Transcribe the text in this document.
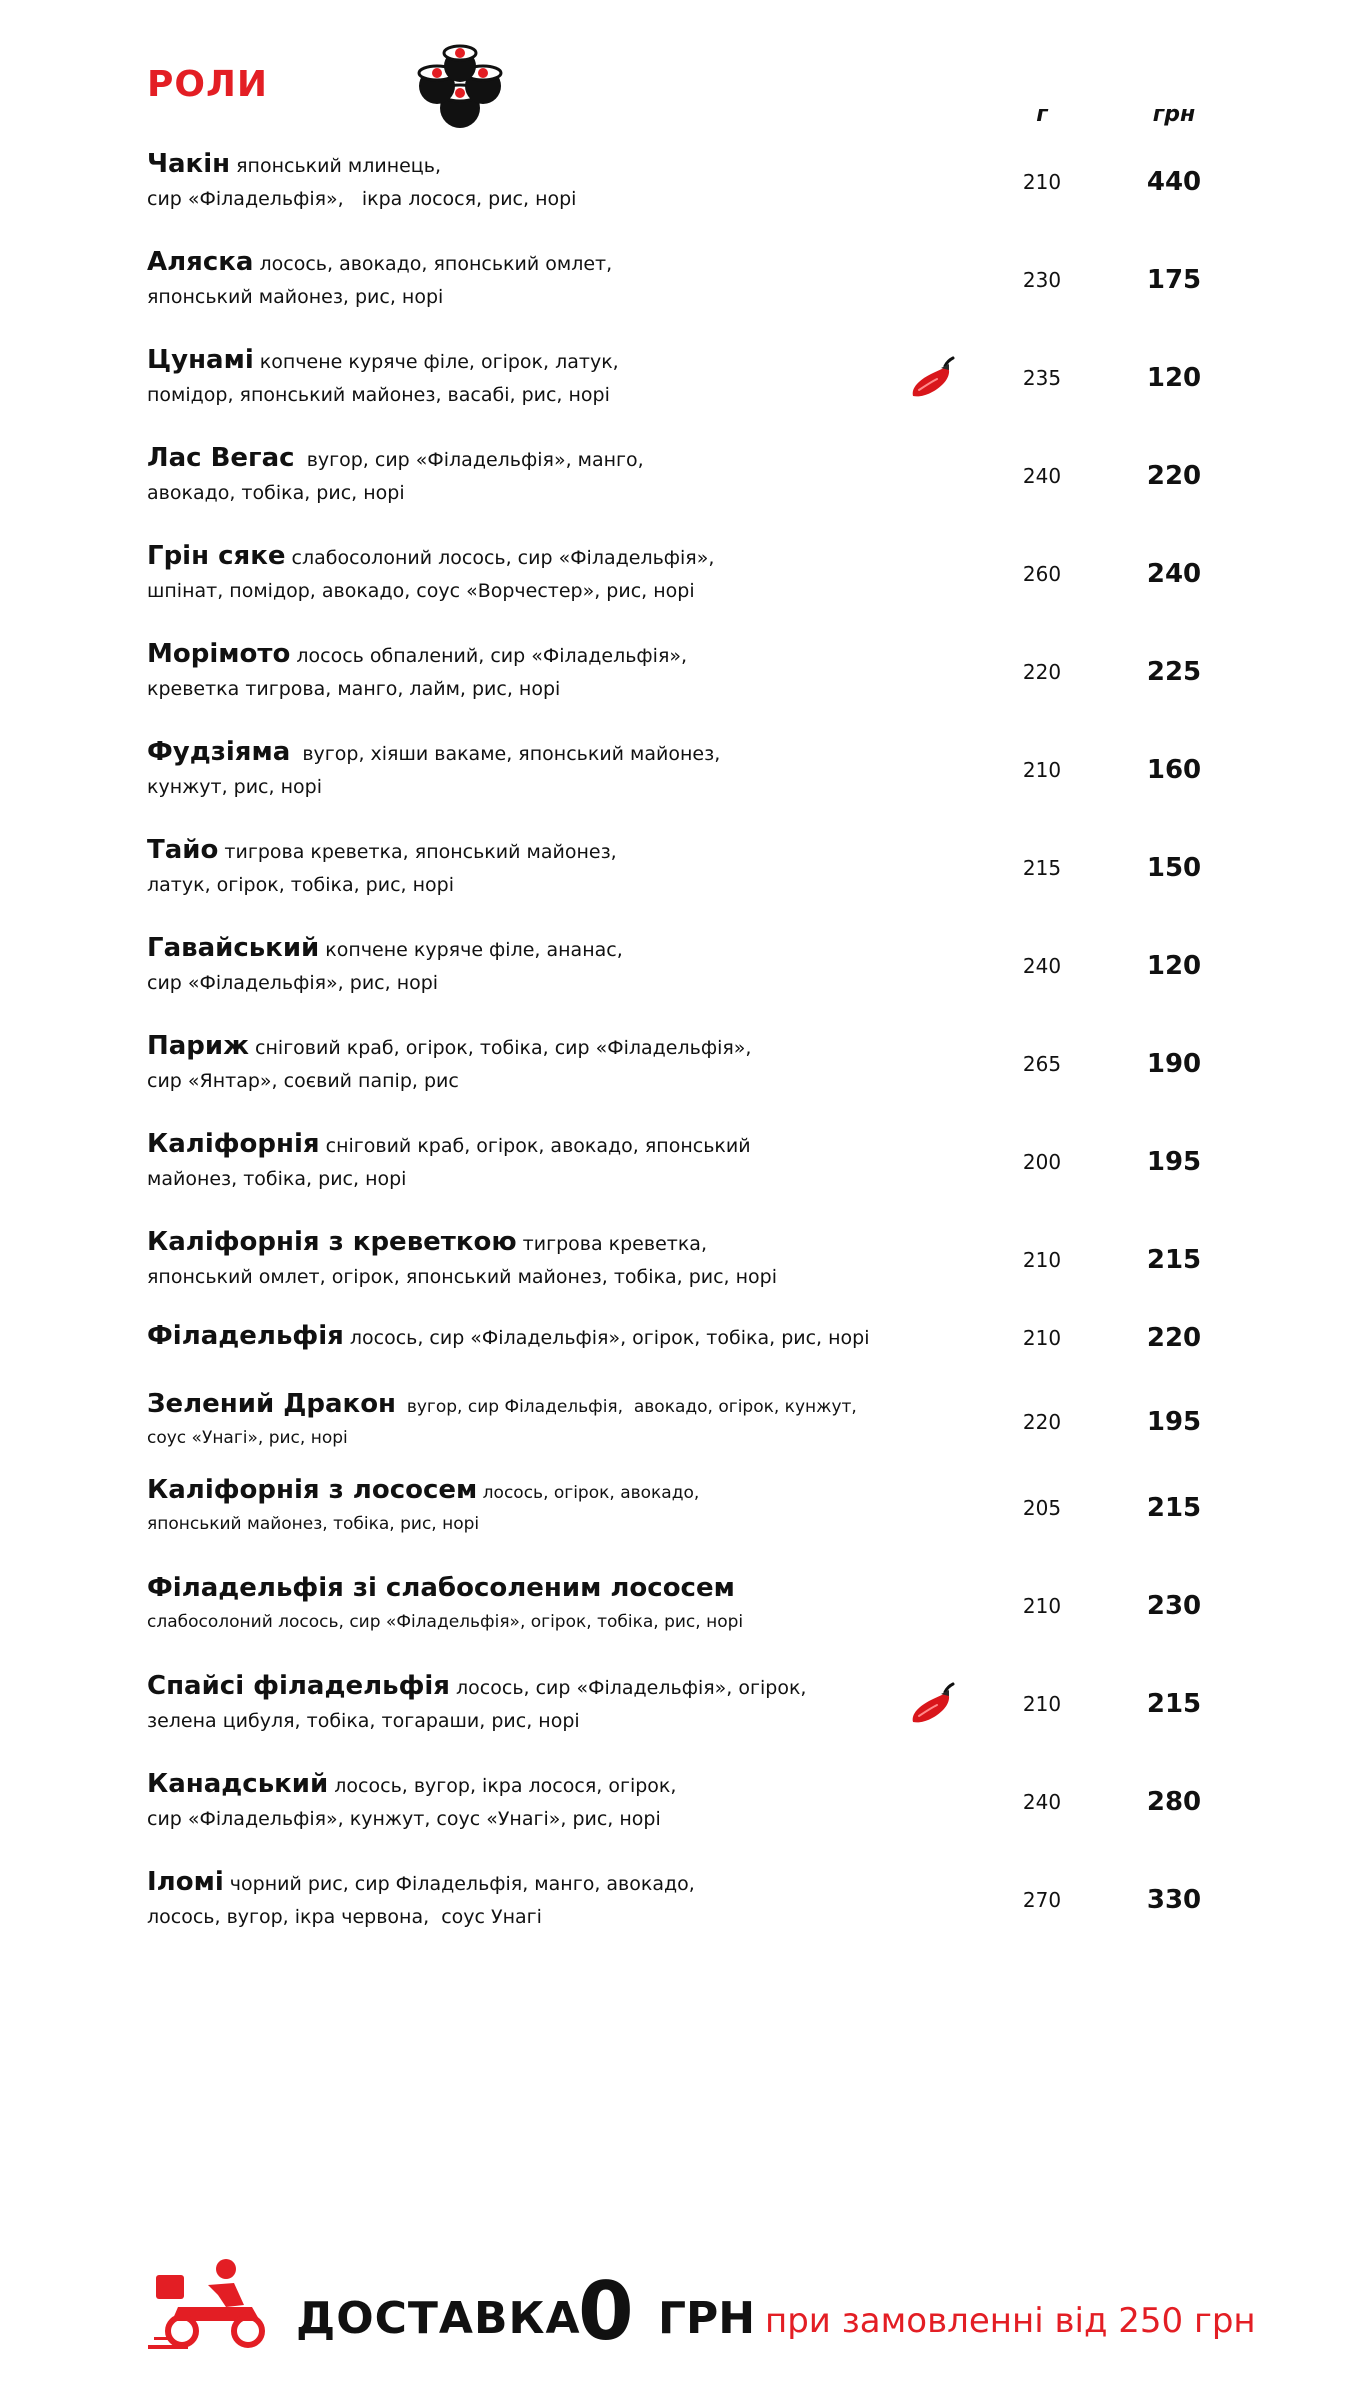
РОЛИ
г	грн
Чакін японський млинець,
сир «Філадельфія»,   ікра лосося, рис, норі
210	440
Аляска лосось, авокадо, японський омлет,
японський майонез, рис, норі
230	175
Цунамі копчене куряче філе, огірок, латук,
помідор, японський майонез, васабі, рис, норі
235	120
Лас Вегас  вугор, сир «Філадельфія», манго,
авокадо, тобіка, рис, норі
240	220
Грін сяке слабосолоний лосось, сир «Філадельфія»,
шпінат, помідор, авокадо, соус «Ворчестер», рис, норі
260	240
Морімото лосось обпалений, сир «Філадельфія»,
креветка тигрова, манго, лайм, рис, норі
220	225
Фудзіяма  вугор, хіяши вакаме, японський майонез,
кунжут, рис, норі
210	160
Тайо тигрова креветка, японський майонез,
латук, огірок, тобіка, рис, норі
215	150
Гавайський копчене куряче філе, ананас,
сир «Філадельфія», рис, норі
240	120
Париж сніговий краб, огірок, тобіка, сир «Філадельфія»,
сир «Янтар», соєвий папір, рис
265	190
Каліфорнія сніговий краб, огірок, авокадо, японський
майонез, тобіка, рис, норі
200	195
Каліфорнія з креветкою тигрова креветка,
японський омлет, огірок, японський майонез, тобіка, рис, норі
210	215
Філадельфія лосось, сир «Філадельфія», огірок, тобіка, рис, норі	210	220
Зелений Дракон  вугор, сир Філадельфія,  авокадо, огірок, кунжут,
соус «Унагі», рис, норі
220	195
Каліфорнія з лососем лосось, огірок, авокадо,
японський майонез, тобіка, рис, норі
205	215
Філадельфія зі слабосоленим лососем
слабосолоний лосось, сир «Філадельфія», огірок, тобіка, рис, норі
210	230
Спайсі філадельфія лосось, сир «Філадельфія», огірок,
зелена цибуля, тобіка, тогараши, рис, норі
210	215
Канадський лосось, вугор, ікра лосося, огірок,
сир «Філадельфія», кунжут, соус «Унагі», рис, норі
240	280
Іломі чорний рис, сир Філадельфія, манго, авокадо,
лосось, вугор, ікра червона,  соус Унагі
270	330
ДОСТАВКА
0 ГРН при замовленні від 250 грн
